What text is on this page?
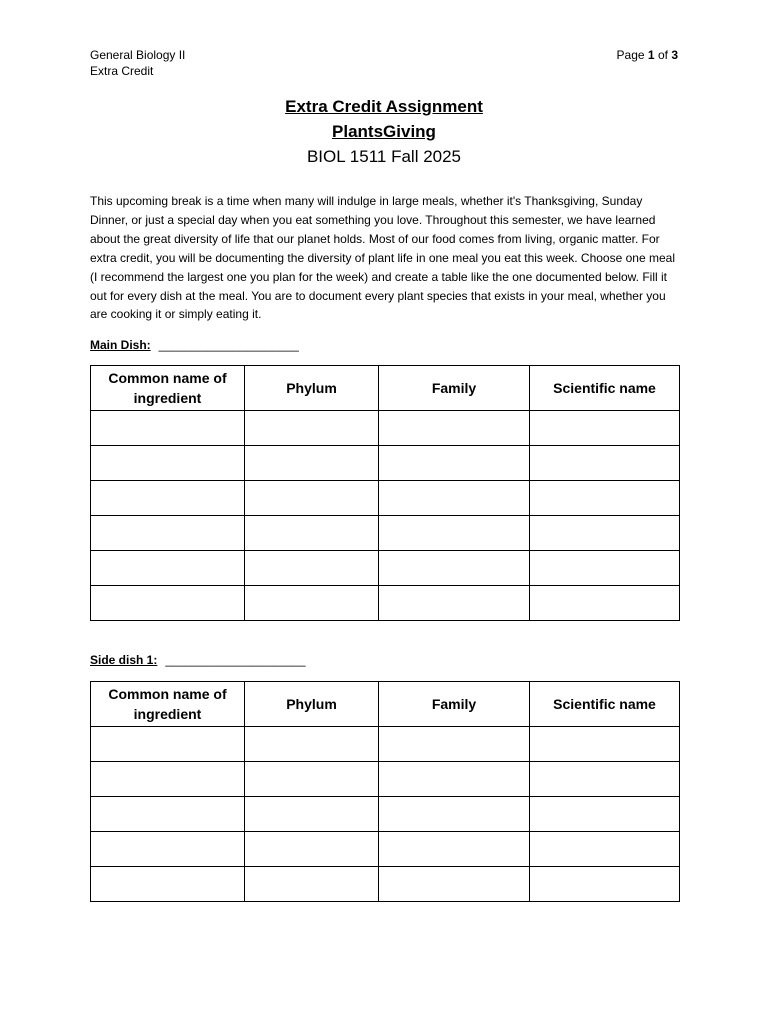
General Biology II
Extra Credit
Page 1 of 3
Extra Credit Assignment
PlantsGiving
BIOL 1511 Fall 2025

This upcoming break is a time when many will indulge in large meals, whether it's Thanksgiving, Sunday Dinner, or just a special day when you eat something you love. Throughout this semester, we have learned about the great diversity of life that our planet holds. Most of our food comes from living, organic matter. For extra credit, you will be documenting the diversity of plant life in one meal you eat this week. Choose one meal (I recommend the largest one you plan for the week) and create a table like the one documented below. Fill it out for every dish at the meal. You are to document every plant species that exists in your meal, whether you are cooking it or simply eating it.

Main Dish: _____________________
Common name of ingredient	Phylum	Family	Scientific name

Side dish 1: _____________________
Common name of ingredient	Phylum	Family	Scientific name
